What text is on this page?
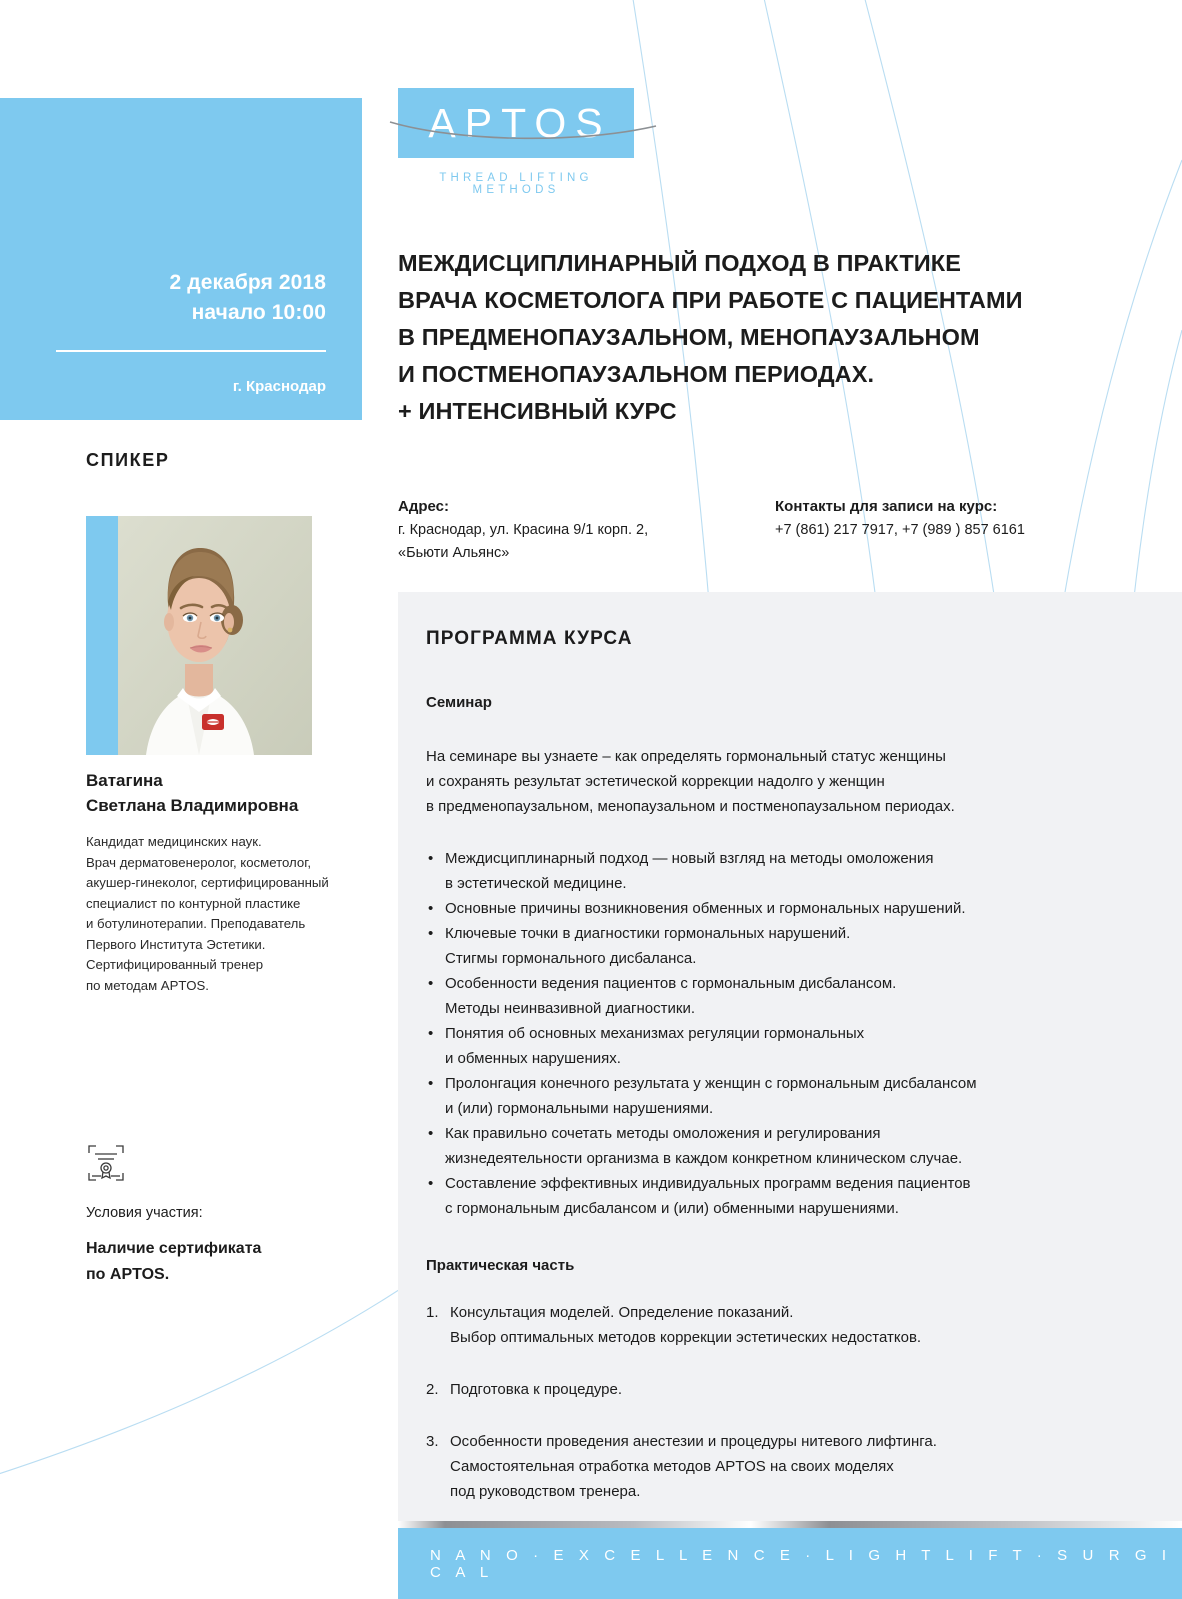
2 декабря 2018
начало 10:00
г. Краснодар
APTOS
THREAD LIFTING METHODS
МЕЖДИСЦИПЛИНАРНЫЙ ПОДХОД В ПРАКТИКЕ
ВРАЧА КОСМЕТОЛОГА ПРИ РАБОТЕ С ПАЦИЕНТАМИ
В ПРЕДМЕНОПАУЗАЛЬНОМ, МЕНОПАУЗАЛЬНОМ
И ПОСТМЕНОПАУЗАЛЬНОМ ПЕРИОДАХ.
+ ИНТЕНСИВНЫЙ КУРС
СПИКЕР
Ватагина
Светлана Владимировна
Кандидат медицинских наук.
Врач дерматовенеролог, косметолог,
акушер-гинеколог, сертифицированный
специалист по контурной пластике
и ботулинотерапии. Преподаватель
Первого Института Эстетики.
Сертифицированный тренер
по методам APTOS.
Условия участия:
Наличие сертификата
по APTOS.
Адрес:
г. Краснодар, ул. Красина 9/1 корп. 2,
«Бьюти Альянс»
Контакты для записи на курс:
+7 (861) 217 7917, +7 (989 ) 857 6161
ПРОГРАММА КУРСА
Семинар
На семинаре вы узнаете – как определять гормональный статус женщины
и сохранять результат эстетической коррекции надолго у женщин
в предменопаузальном, менопаузальном и постменопаузальном периодах.
• Междисциплинарный подход — новый взгляд на методы омоложения
в эстетической медицине.
• Основные причины возникновения обменных и гормональных нарушений.
• Ключевые точки в диагностики гормональных нарушений.
Стигмы гормонального дисбаланса.
• Особенности ведения пациентов с гормональным дисбалансом.
Методы неинвазивной диагностики.
• Понятия об основных механизмах регуляции гормональных
и обменных нарушениях.
• Пролонгация конечного результата у женщин с гормональным дисбалансом
и (или) гормональными нарушениями.
• Как правильно сочетать методы омоложения и регулирования
жизнедеятельности организма в каждом конкретном клиническом случае.
• Составление эффективных индивидуальных программ ведения пациентов
с гормональным дисбалансом и (или) обменными нарушениями.
Практическая часть
Консультация моделей. Определение показаний.
Выбор оптимальных методов коррекции эстетических недостатков.
Подготовка к процедуре.
Особенности проведения анестезии и процедуры нитевого лифтинга.
Самостоятельная отработка методов APTOS на своих моделях
под руководством тренера.
N A N O · E X C E L L E N C E · L I G H T L I F T · S U R G I C A L
